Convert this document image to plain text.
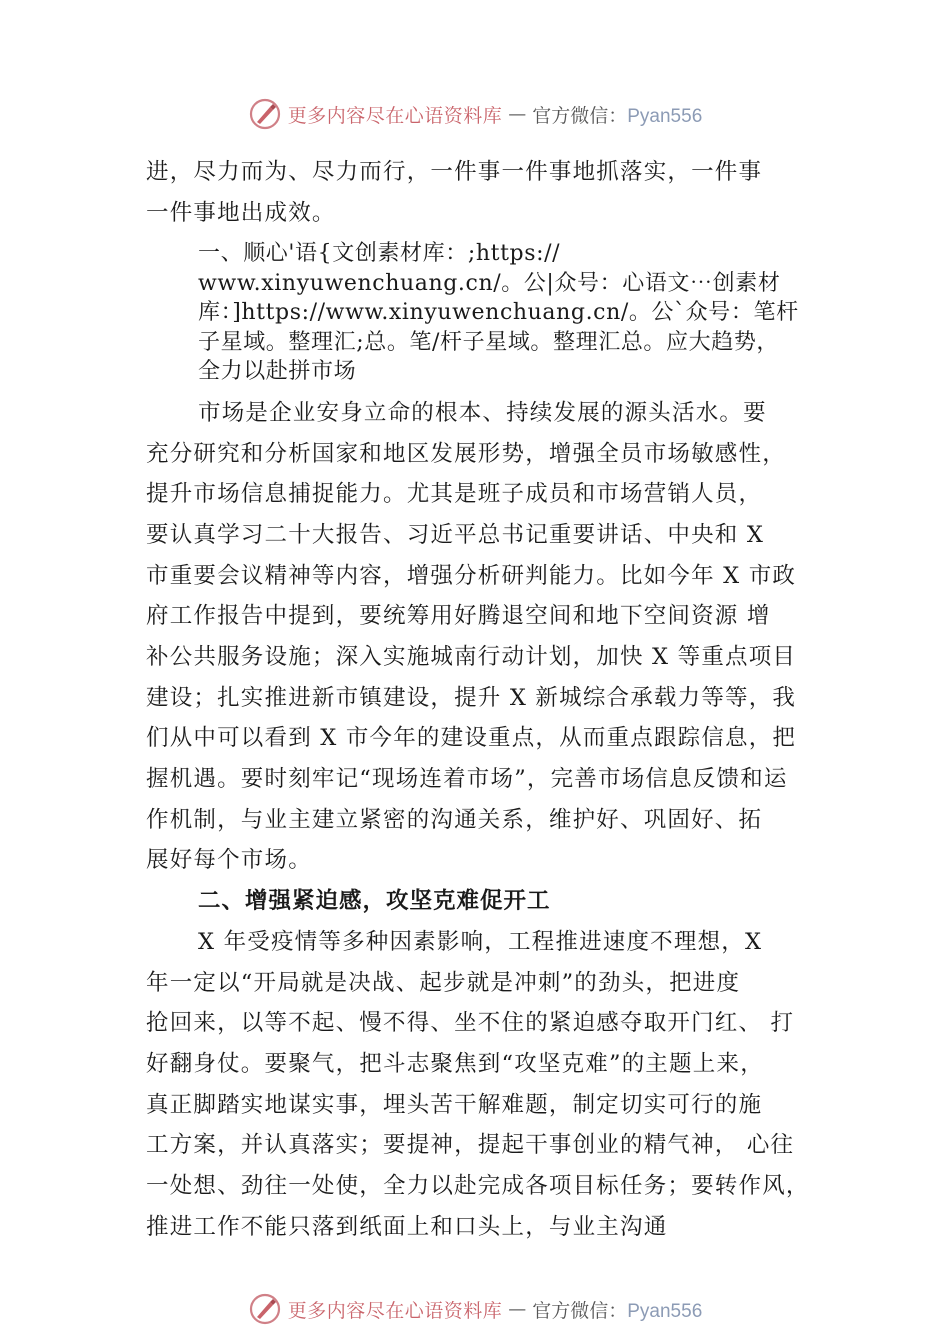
更多内容尽在心语资料库 — 官方微信：Pyan556
进，尽力而为、尽力而行，一件事一件事地抓落实，一件事
一件事地出成效。
一、顺心'语{文创素材库：;https://
www.xinyuwenchuang.cn/。公|众号：心语文⋯创素材
库：]https://www.xinyuwenchuang.cn/。公`众号：笔杆
子星域。整理汇;总。笔/杆子星域。整理汇总。应大趋势，
全力以赴拼市场
市场是企业安身立命的根本、持续发展的源头活水。要
充分研究和分析国家和地区发展形势，增强全员市场敏感性，
提升市场信息捕捉能力。尤其是班子成员和市场营销人员，
要认真学习二十大报告、习近平总书记重要讲话、中央和 X
市重要会议精神等内容，增强分析研判能力。比如今年 X 市政
府工作报告中提到，要统筹用好腾退空间和地下空间资源 增
补公共服务设施；深入实施城南行动计划，加快 X 等重点项目
建设；扎实推进新市镇建设，提升 X 新城综合承载力等等，我
们从中可以看到 X 市今年的建设重点，从而重点跟踪信息，把
握机遇。要时刻牢记“现场连着市场”，完善市场信息反馈和运
作机制，与业主建立紧密的沟通关系，维护好、巩固好、拓
展好每个市场。
二、增强紧迫感，攻坚克难促开工
X 年受疫情等多种因素影响，工程推进速度不理想，X
年一定以“开局就是决战、起步就是冲刺”的劲头，把进度
抢回来，以等不起、慢不得、坐不住的紧迫感夺取开门红、 打
好翻身仗。要聚气，把斗志聚焦到“攻坚克难”的主题上来，
真正脚踏实地谋实事，埋头苦干解难题，制定切实可行的施
工方案，并认真落实；要提神，提起干事创业的精气神， 心往
一处想、劲往一处使，全力以赴完成各项目标任务；要转作风，
推进工作不能只落到纸面上和口头上，与业主沟通
更多内容尽在心语资料库 — 官方微信：Pyan556
